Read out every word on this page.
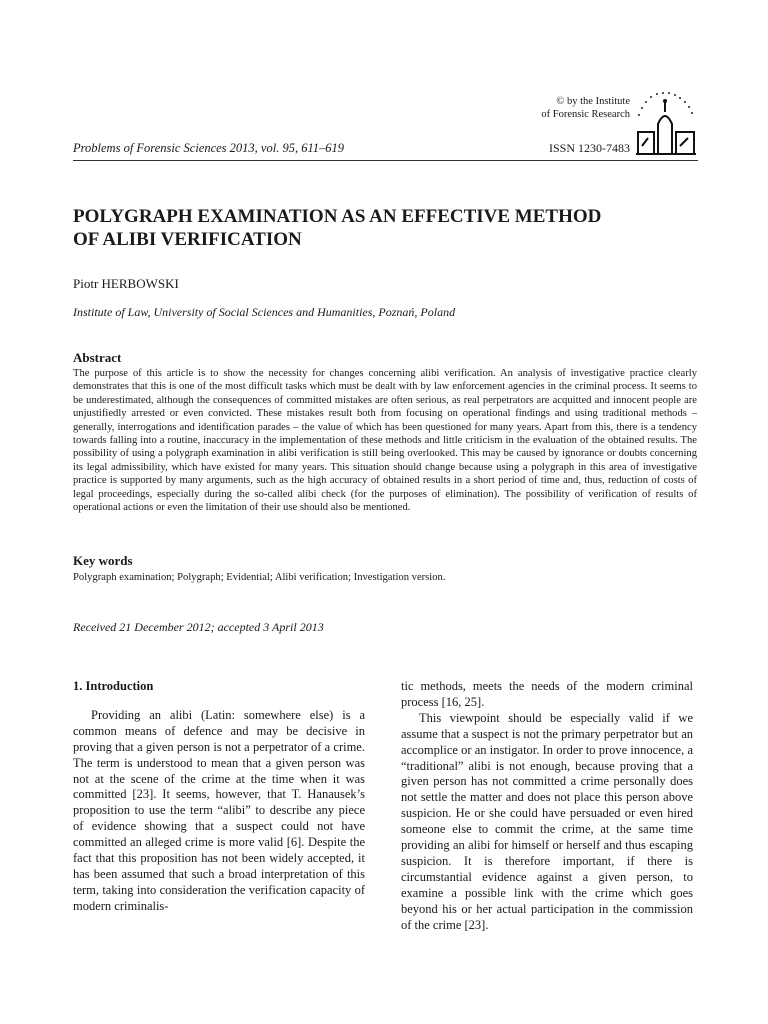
© by the Institute
of Forensic Research
Problems of Forensic Sciences 2013, vol. 95, 611–619	ISSN 1230-7483
POLYGRAPH EXAMINATION AS AN EFFECTIVE METHOD
OF ALIBI VERIFICATION
Piotr HERBOWSKI
Institute of Law, University of Social Sciences and Humanities, Poznań, Poland
Abstract

The purpose of this article is to show the necessity for changes concerning alibi verification. An analysis of investigative practice clearly demonstrates that this is one of the most difficult tasks which must be dealt with by law enforcement agencies in the criminal process. It seems to be underestimated, although the consequences of committed mistakes are often serious, as real perpetrators are acquitted and innocent people are unjustifiedly arrested or even convicted. These mistakes result both from focusing on operational findings and using traditional methods – generally, interrogations and identification parades – the value of which has been questioned for many years. Apart from this, there is a tendency towards falling into a routine, inaccuracy in the implementation of these methods and little criticism in the evaluation of the obtained results. The possibility of using a polygraph examination in alibi verification is still being overlooked. This may be caused by ignorance or doubts concerning its legal admissibility, which have existed for many years. This situation should change because using a polygraph in this area of investigative practice is supported by many arguments, such as the high accuracy of obtained results in a short period of time and, thus, reduction of costs of legal proceedings, especially during the so-called alibi check (for the purposes of elimination). The possibility of verification of results of operational actions or even the limitation of their use should also be mentioned.

Key words
Polygraph examination; Polygraph; Evidential; Alibi verification; Investigation version.
Received 21 December 2012; accepted 3 April 2013
1. Introduction

Providing an alibi (Latin: somewhere else) is a common means of defence and may be decisive in proving that a given person is not a perpetrator of a crime. The term is understood to mean that a given person was not at the scene of the crime at the time when it was committed [23]. It seems, however, that T. Hanausek’s proposition to use the term “alibi” to describe any piece of evidence showing that a suspect could not have committed an alleged crime is more valid [6]. Despite the fact that this proposition has not been widely accepted, it has been assumed that such a broad interpretation of this term, taking into consideration the verification capacity of modern criminalis-

tic methods, meets the needs of the modern criminal process [16, 25].

This viewpoint should be especially valid if we assume that a suspect is not the primary perpetrator but an accomplice or an instigator. In order to prove innocence, a “traditional” alibi is not enough, because proving that a given person has not committed a crime personally does not settle the matter and does not place this person above suspicion. He or she could have persuaded or even hired someone else to commit the crime, at the same time providing an alibi for himself or herself and thus escaping suspicion. It is therefore important, if there is circumstantial evidence against a given person, to examine a possible link with the crime which goes beyond his or her actual participation in the commission of the crime [23].
